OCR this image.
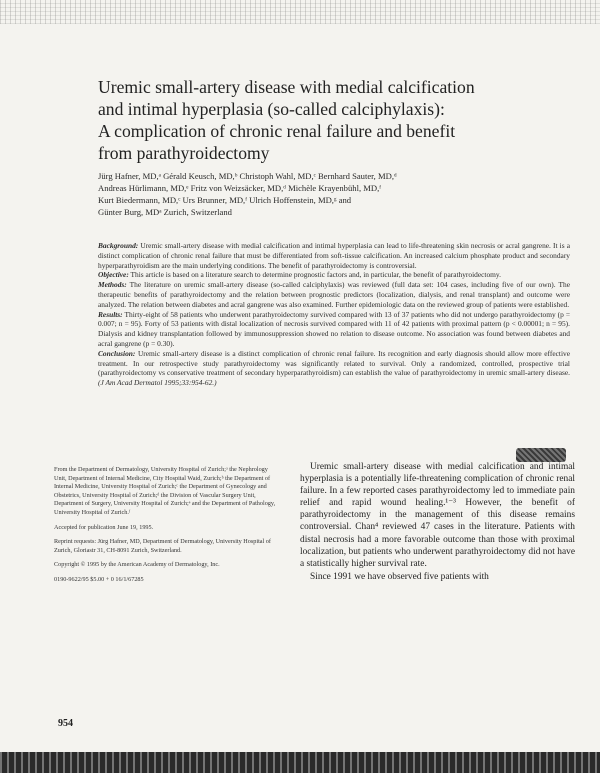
Uremic small-artery disease with medial calcification
and intimal hyperplasia (so-called calciphylaxis):
A complication of chronic renal failure and benefit
from parathyroidectomy
Jürg Hafner, MD,ᵃ Gérald Keusch, MD,ᵇ Christoph Wahl, MD,ᶜ Bernhard Sauter, MD,ᵈ
Andreas Hürlimann, MD,ᵉ Fritz von Weizsäcker, MD,ᵈ Michèle Krayenbühl, MD,ᶠ
Kurt Biedermann, MD,ᶜ Urs Brunner, MD,ᶠ Ulrich Hoffenstein, MD,ᵍ and
Günter Burg, MDᵃ Zurich, Switzerland

Background: Uremic small-artery disease with medial calcification and intimal hyperplasia can lead to life-threatening skin necrosis or acral gangrene. It is a distinct complication of chronic renal failure that must be differentiated from soft-tissue calcification. An increased calcium phosphate product and secondary hyperparathyroidism are the main underlying conditions. The benefit of parathyroidectomy is controversial.

Objective: This article is based on a literature search to determine prognostic factors and, in particular, the benefit of parathyroidectomy.

Methods: The literature on uremic small-artery disease (so-called calciphylaxis) was reviewed (full data set: 104 cases, including five of our own). The therapeutic benefits of parathyroidectomy and the relation between prognostic predictors (localization, dialysis, and renal transplant) and outcome were analyzed. The relation between diabetes and acral gangrene was also examined. Further epidemiologic data on the reviewed group of patients were established.

Results: Thirty-eight of 58 patients who underwent parathyroidectomy survived compared with 13 of 37 patients who did not undergo parathyroidectomy (p = 0.007; n = 95). Forty of 53 patients with distal localization of necrosis survived compared with 11 of 42 patients with proximal pattern (p < 0.00001; n = 95). Dialysis and kidney transplantation followed by immunosuppression showed no relation to disease outcome. No association was found between diabetes and acral gangrene (p = 0.30).

Conclusion: Uremic small-artery disease is a distinct complication of chronic renal failure. Its recognition and early diagnosis should allow more effective treatment. In our retrospective study parathyroidectomy was significantly related to survival. Only a randomized, controlled, prospective trial (parathyroidectomy vs conservative treatment of secondary hyperparathyroidism) can establish the value of parathyroidectomy in uremic small-artery disease. (J Am Acad Dermatol 1995;33:954-62.)

From the Department of Dermatology, University Hospital of Zurich;ᵃ the Nephrology Unit, Department of Internal Medicine, City Hospital Waid, Zurich;ᵇ the Department of Internal Medicine, University Hospital of Zurich;ᶜ the Department of Gynecology and Obstetrics, University Hospital of Zurich;ᵈ the Division of Vascular Surgery Unit, Department of Surgery, University Hospital of Zurich;ᵉ and the Department of Pathology, University Hospital of Zurich.ᶠ

Accepted for publication June 19, 1995.

Reprint requests: Jürg Hafner, MD, Department of Dermatology, University Hospital of Zurich, Gloriastr 31, CH-8091 Zurich, Switzerland.

Copyright © 1995 by the American Academy of Dermatology, Inc.

0190-9622/95 $5.00 + 0 16/1/67285

Uremic small-artery disease with medial calcification and intimal hyperplasia is a potentially life-threatening complication of chronic renal failure. In a few reported cases parathyroidectomy led to immediate pain relief and rapid wound healing.¹⁻³ However, the benefit of parathyroidectomy in the management of this disease remains controversial. Chan⁴ reviewed 47 cases in the literature. Patients with distal necrosis had a more favorable outcome than those with proximal localization, but patients who underwent parathyroidectomy did not have a statistically higher survival rate.

Since 1991 we have observed five patients with

954
